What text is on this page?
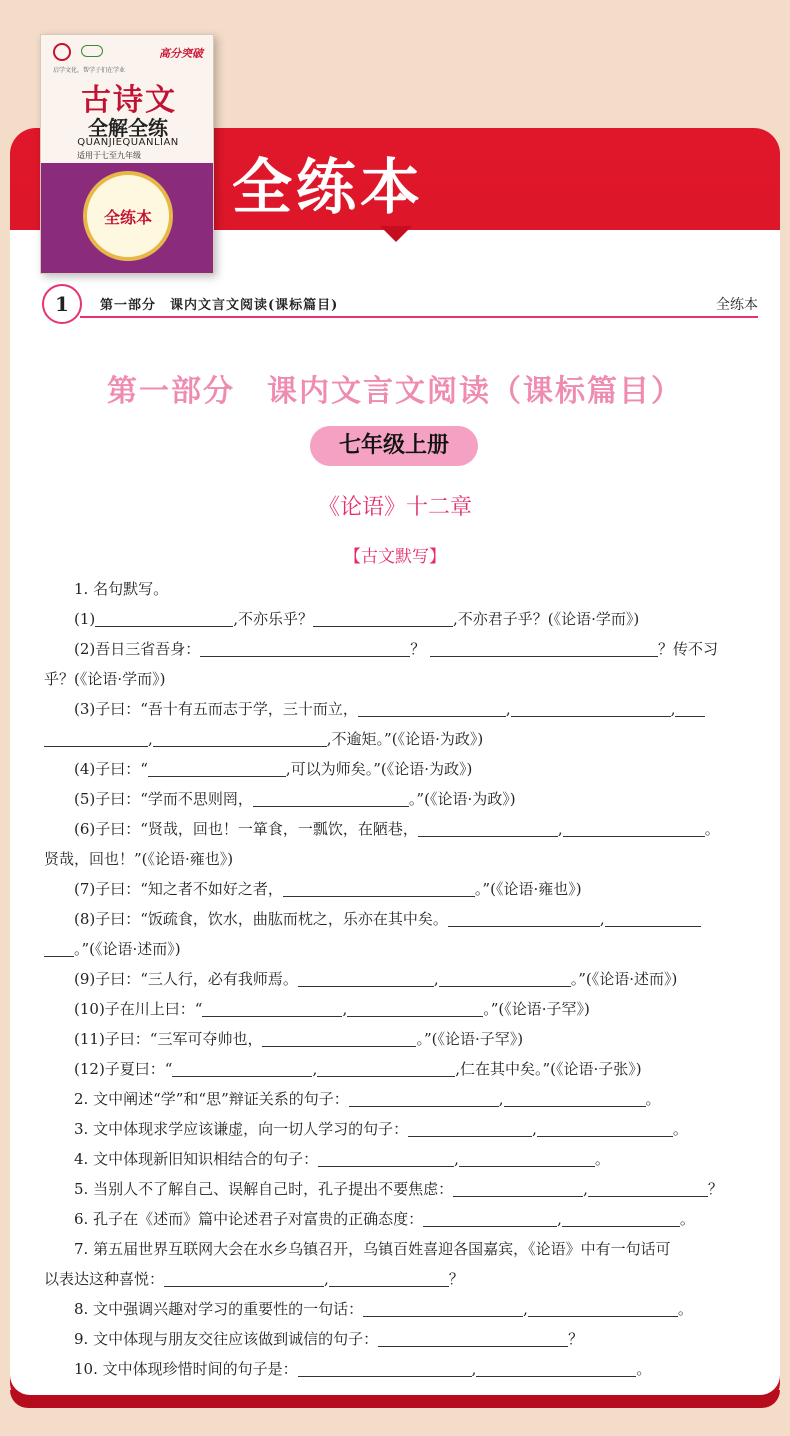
全练本
高分突破
启学文化，帮学子们在学业
古诗文
全解全练
QUANJIEQUANLIAN
适用于七至九年级
全练本
1	第一部分　课内文言文阅读(课标篇目)	全练本
第一部分　课内文言文阅读（课标篇目）
七年级上册
《论语》十二章
【古文默写】
1. 名句默写。
(1)	,不亦乐乎？	,不亦君子乎？(《论语·学而》)
(2)吾日三省吾身：	？	？传不习
乎？(《论语·学而》)
(3)子曰：“吾十有五而志于学，三十而立，	,	,
,	,不逾矩。”(《论语·为政》)
(4)子曰：“	,可以为师矣。”(《论语·为政》)
(5)子曰：“学而不思则罔，	。”(《论语·为政》)
(6)子曰：“贤哉，回也！一箪食，一瓢饮，在陋巷，	,	。
贤哉，回也！”(《论语·雍也》)
(7)子曰：“知之者不如好之者，	。”(《论语·雍也》)
(8)子曰：“饭疏食，饮水，曲肱而枕之，乐亦在其中矣。	,
。”(《论语·述而》)
(9)子曰：“三人行，必有我师焉。	,	。”(《论语·述而》)
(10)子在川上曰：“	,	。”(《论语·子罕》)
(11)子曰：“三军可夺帅也，	。”(《论语·子罕》)
(12)子夏曰：“	,	,仁在其中矣。”(《论语·子张》)
2. 文中阐述“学”和“思”辩证关系的句子：	,	。
3. 文中体现求学应该谦虚，向一切人学习的句子：	,	。
4. 文中体现新旧知识相结合的句子：	,	。
5. 当别人不了解自己、误解自己时，孔子提出不要焦虑：	,	？
6. 孔子在《述而》篇中论述君子对富贵的正确态度：	,	。
7. 第五届世界互联网大会在水乡乌镇召开，乌镇百姓喜迎各国嘉宾，《论语》中有一句话可
以表达这种喜悦：	,	？
8. 文中强调兴趣对学习的重要性的一句话：	,	。
9. 文中体现与朋友交往应该做到诚信的句子：	？
10. 文中体现珍惜时间的句子是：	,	。
